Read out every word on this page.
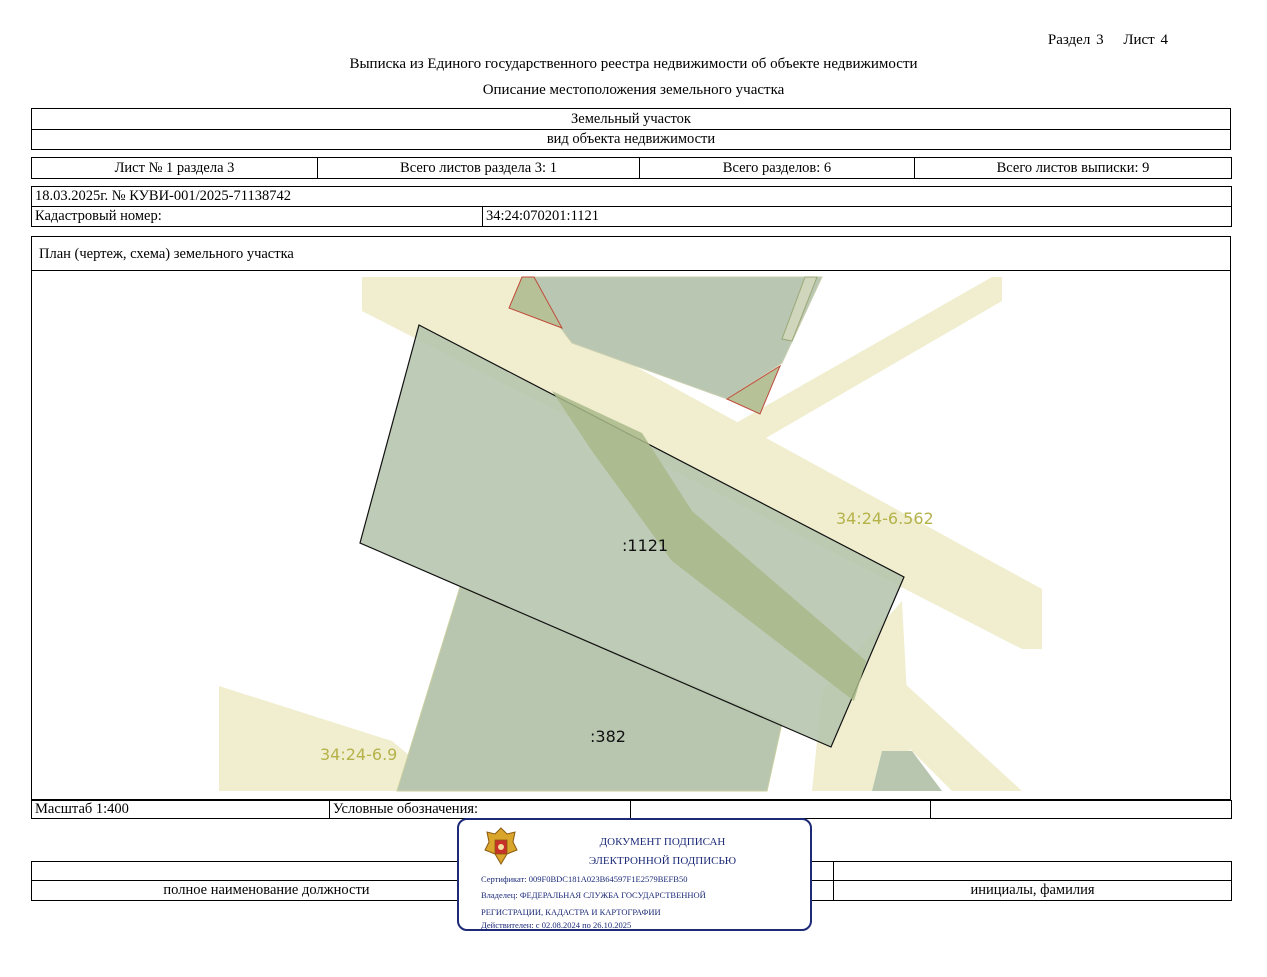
Раздел 3 Лист 4
Выписка из Единого государственного реестра недвижимости об объекте недвижимости
Описание местоположения земельного участка
Земельный участок
вид объекта недвижимости
Лист № 1 раздела 3	Всего листов раздела 3: 1	Всего разделов: 6	Всего листов выписки: 9
18.03.2025г. № КУВИ-001/2025-71138742
Кадастровый номер:	34:24:070201:1121
План (чертеж, схема) земельного участка
:1121
:382
34:24-6.562
34:24-6.9
Масштаб 1:400	Условные обозначения:		

полное наименование должности		инициалы, фамилия
ДОКУМЕНТ ПОДПИСАН
ЭЛЕКТРОННОЙ ПОДПИСЬЮ
Сертификат: 009F0BDC181A023B64597F1E2579BEFB50
Владелец: ФЕДЕРАЛЬНАЯ СЛУЖБА ГОСУДАРСТВЕННОЙ
РЕГИСТРАЦИИ, КАДАСТРА И КАРТОГРАФИИ
Действителен: с 02.08.2024 по 26.10.2025
